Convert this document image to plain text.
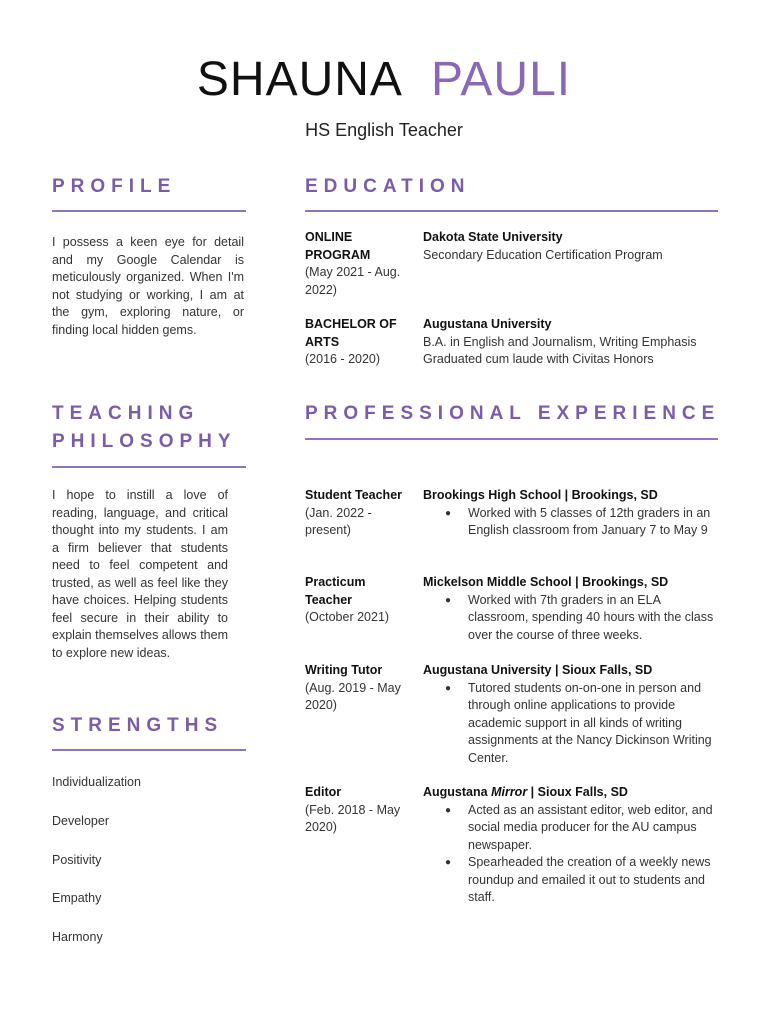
SHAUNA PAULI
HS English Teacher
PROFILE
I possess a keen eye for detail and my Google Calendar is meticulously organized. When I'm not studying or working, I am at the gym, exploring nature, or finding local hidden gems.
TEACHING
PHILOSOPHY
I hope to instill a love of reading, language, and critical thought into my students. I am a firm believer that students need to feel competent and trusted, as well as feel like they have choices. Helping students feel secure in their ability to explain themselves allows them to explore new ideas.
STRENGTHS
Individualization
Developer
Positivity
Empathy
Harmony
EDUCATION
ONLINE PROGRAM
(May 2021 - Aug. 2022)
Dakota State University
Secondary Education Certification Program
BACHELOR OF ARTS
(2016 - 2020)
Augustana University
B.A. in English and Journalism, Writing Emphasis
Graduated cum laude with Civitas Honors
PROFESSIONAL EXPERIENCE
Student Teacher
(Jan. 2022 - present)
Brookings High School | Brookings, SD
● Worked with 5 classes of 12th graders in an English classroom from January 7 to May 9
Practicum Teacher
(October 2021)
Mickelson Middle School | Brookings, SD
● Worked with 7th graders in an ELA classroom, spending 40 hours with the class over the course of three weeks.
Writing Tutor
(Aug. 2019 - May 2020)
Augustana University | Sioux Falls, SD
● Tutored students on-on-one in person and through online applications to provide academic support in all kinds of writing assignments at the Nancy Dickinson Writing Center.
Editor
(Feb. 2018 - May 2020)
Augustana Mirror | Sioux Falls, SD
● Acted as an assistant editor, web editor, and social media producer for the AU campus newspaper.
● Spearheaded the creation of a weekly news roundup and emailed it out to students and staff.
